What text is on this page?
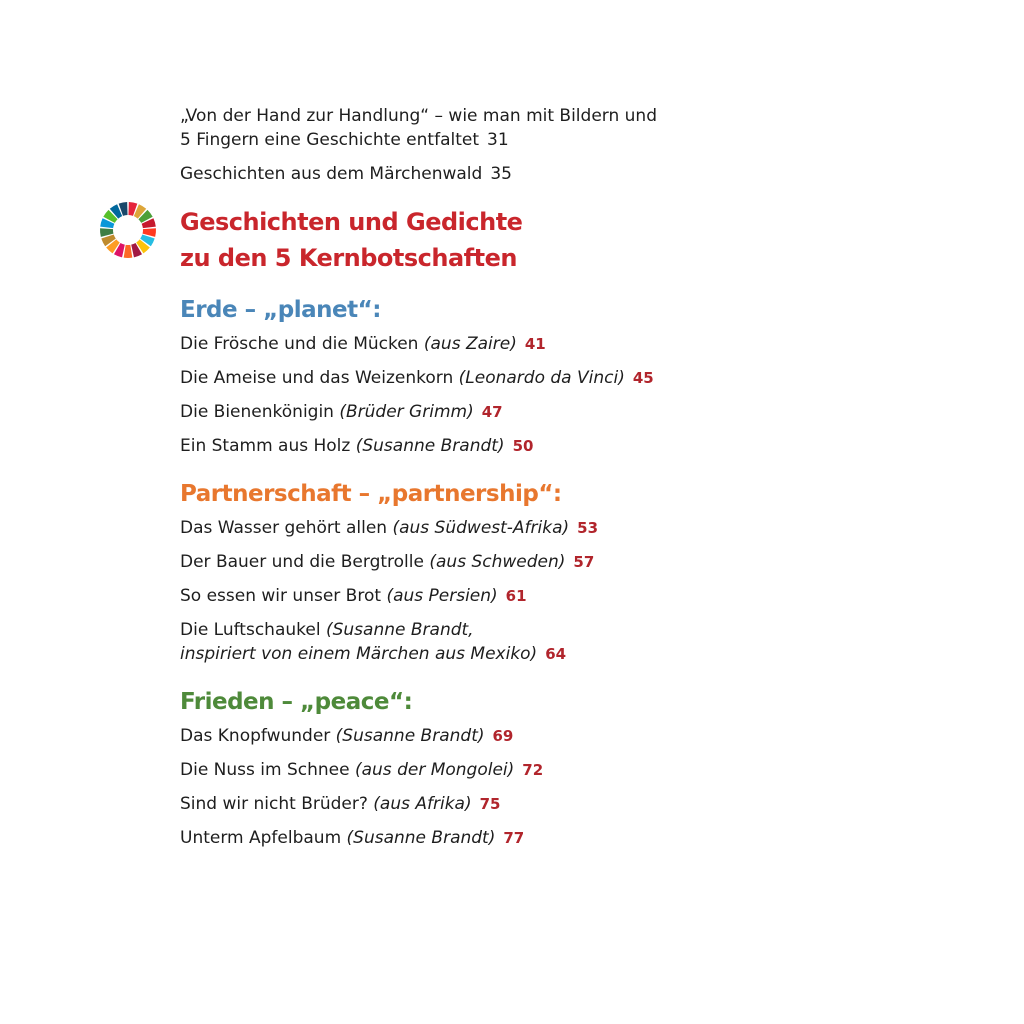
„Von der Hand zur Handlung“ – wie man mit Bildern und
5 Fingern eine Geschichte entfaltet 31
Geschichten aus dem Märchenwald 35
Geschichten und Gedichte
zu den 5 Kernbotschaften
Erde – „planet“:
Die Frösche und die Mücken (aus Zaire) 41
Die Ameise und das Weizenkorn (Leonardo da Vinci) 45
Die Bienenkönigin (Brüder Grimm) 47
Ein Stamm aus Holz (Susanne Brandt) 50
Partnerschaft – „partnership“:
Das Wasser gehört allen (aus Südwest-Afrika) 53
Der Bauer und die Bergtrolle (aus Schweden) 57
So essen wir unser Brot (aus Persien) 61
Die Luftschaukel (Susanne Brandt,
inspiriert von einem Märchen aus Mexiko) 64
Frieden – „peace“:
Das Knopfwunder (Susanne Brandt) 69
Die Nuss im Schnee (aus der Mongolei) 72
Sind wir nicht Brüder? (aus Afrika) 75
Unterm Apfelbaum (Susanne Brandt) 77
